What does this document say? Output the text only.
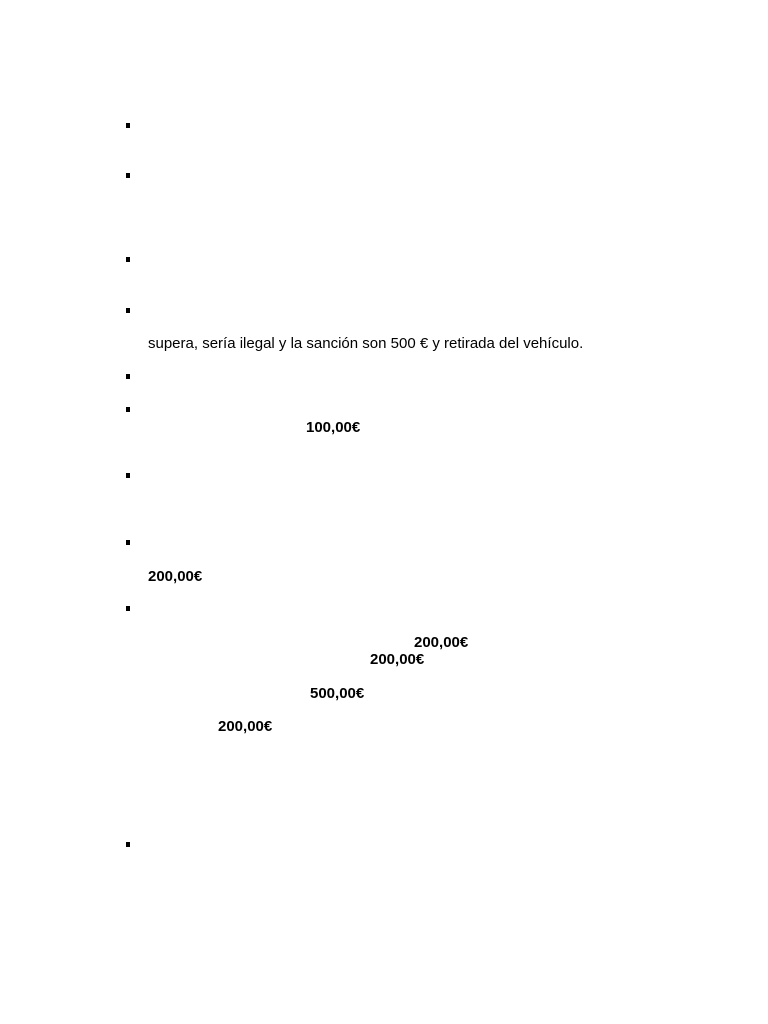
supera, sería ilegal y la sanción son 500 € y retirada del vehículo.
100,00€
200,00€
200,00€
200,00€
500,00€
200,00€
